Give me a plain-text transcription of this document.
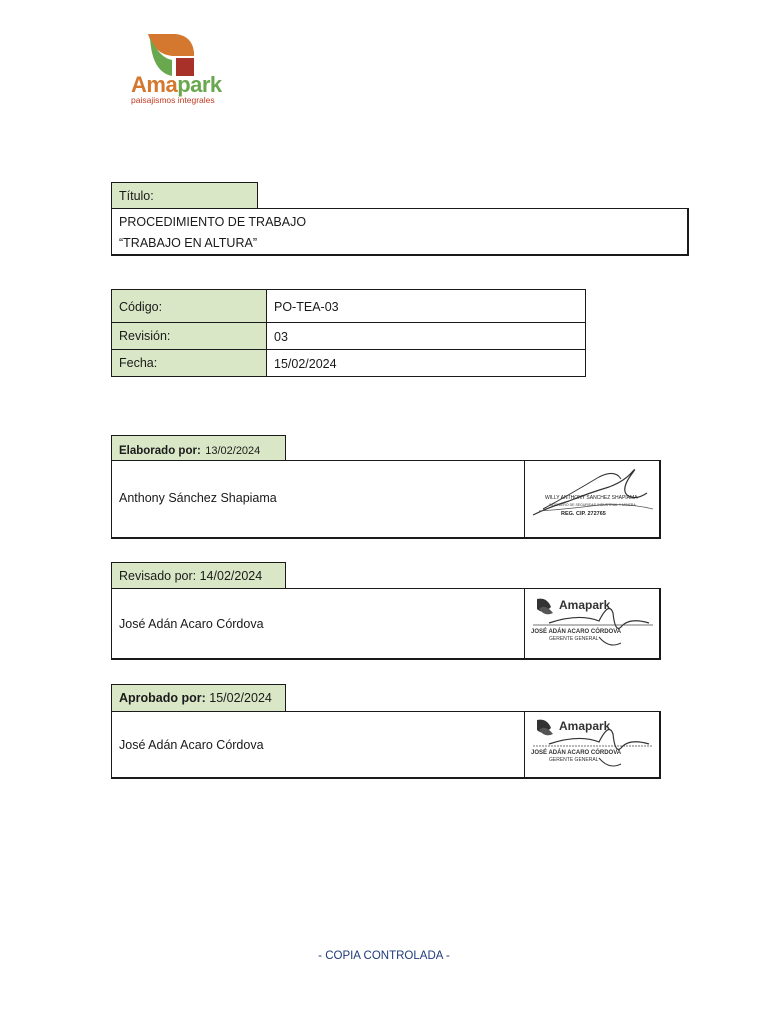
Amapark
paisajismos integrales
Título:
PROCEDIMIENTO DE TRABAJO
“TRABAJO EN ALTURA”
Código:	PO-TEA-03
Revisión:	03
Fecha:	15/02/2024
Elaborado por: 13/02/2024
Anthony Sánchez Shapiama	WILLY ANTHONY SANCHEZ SHAPIAMA
INGENIERO DE SEGURIDAD INDUSTRIAL Y MINERA
REG. CIP. 272765
Revisado por: 14/02/2024
José Adán Acaro Córdova
Amapark
JOSÉ ADÁN ACARO CÓRDOVA
GERENTE GENERAL
Aprobado por: 15/02/2024
José Adán Acaro Córdova
Amapark
JOSÉ ADÁN ACARO CÓRDOVA
GERENTE GENERAL
- COPIA CONTROLADA -
